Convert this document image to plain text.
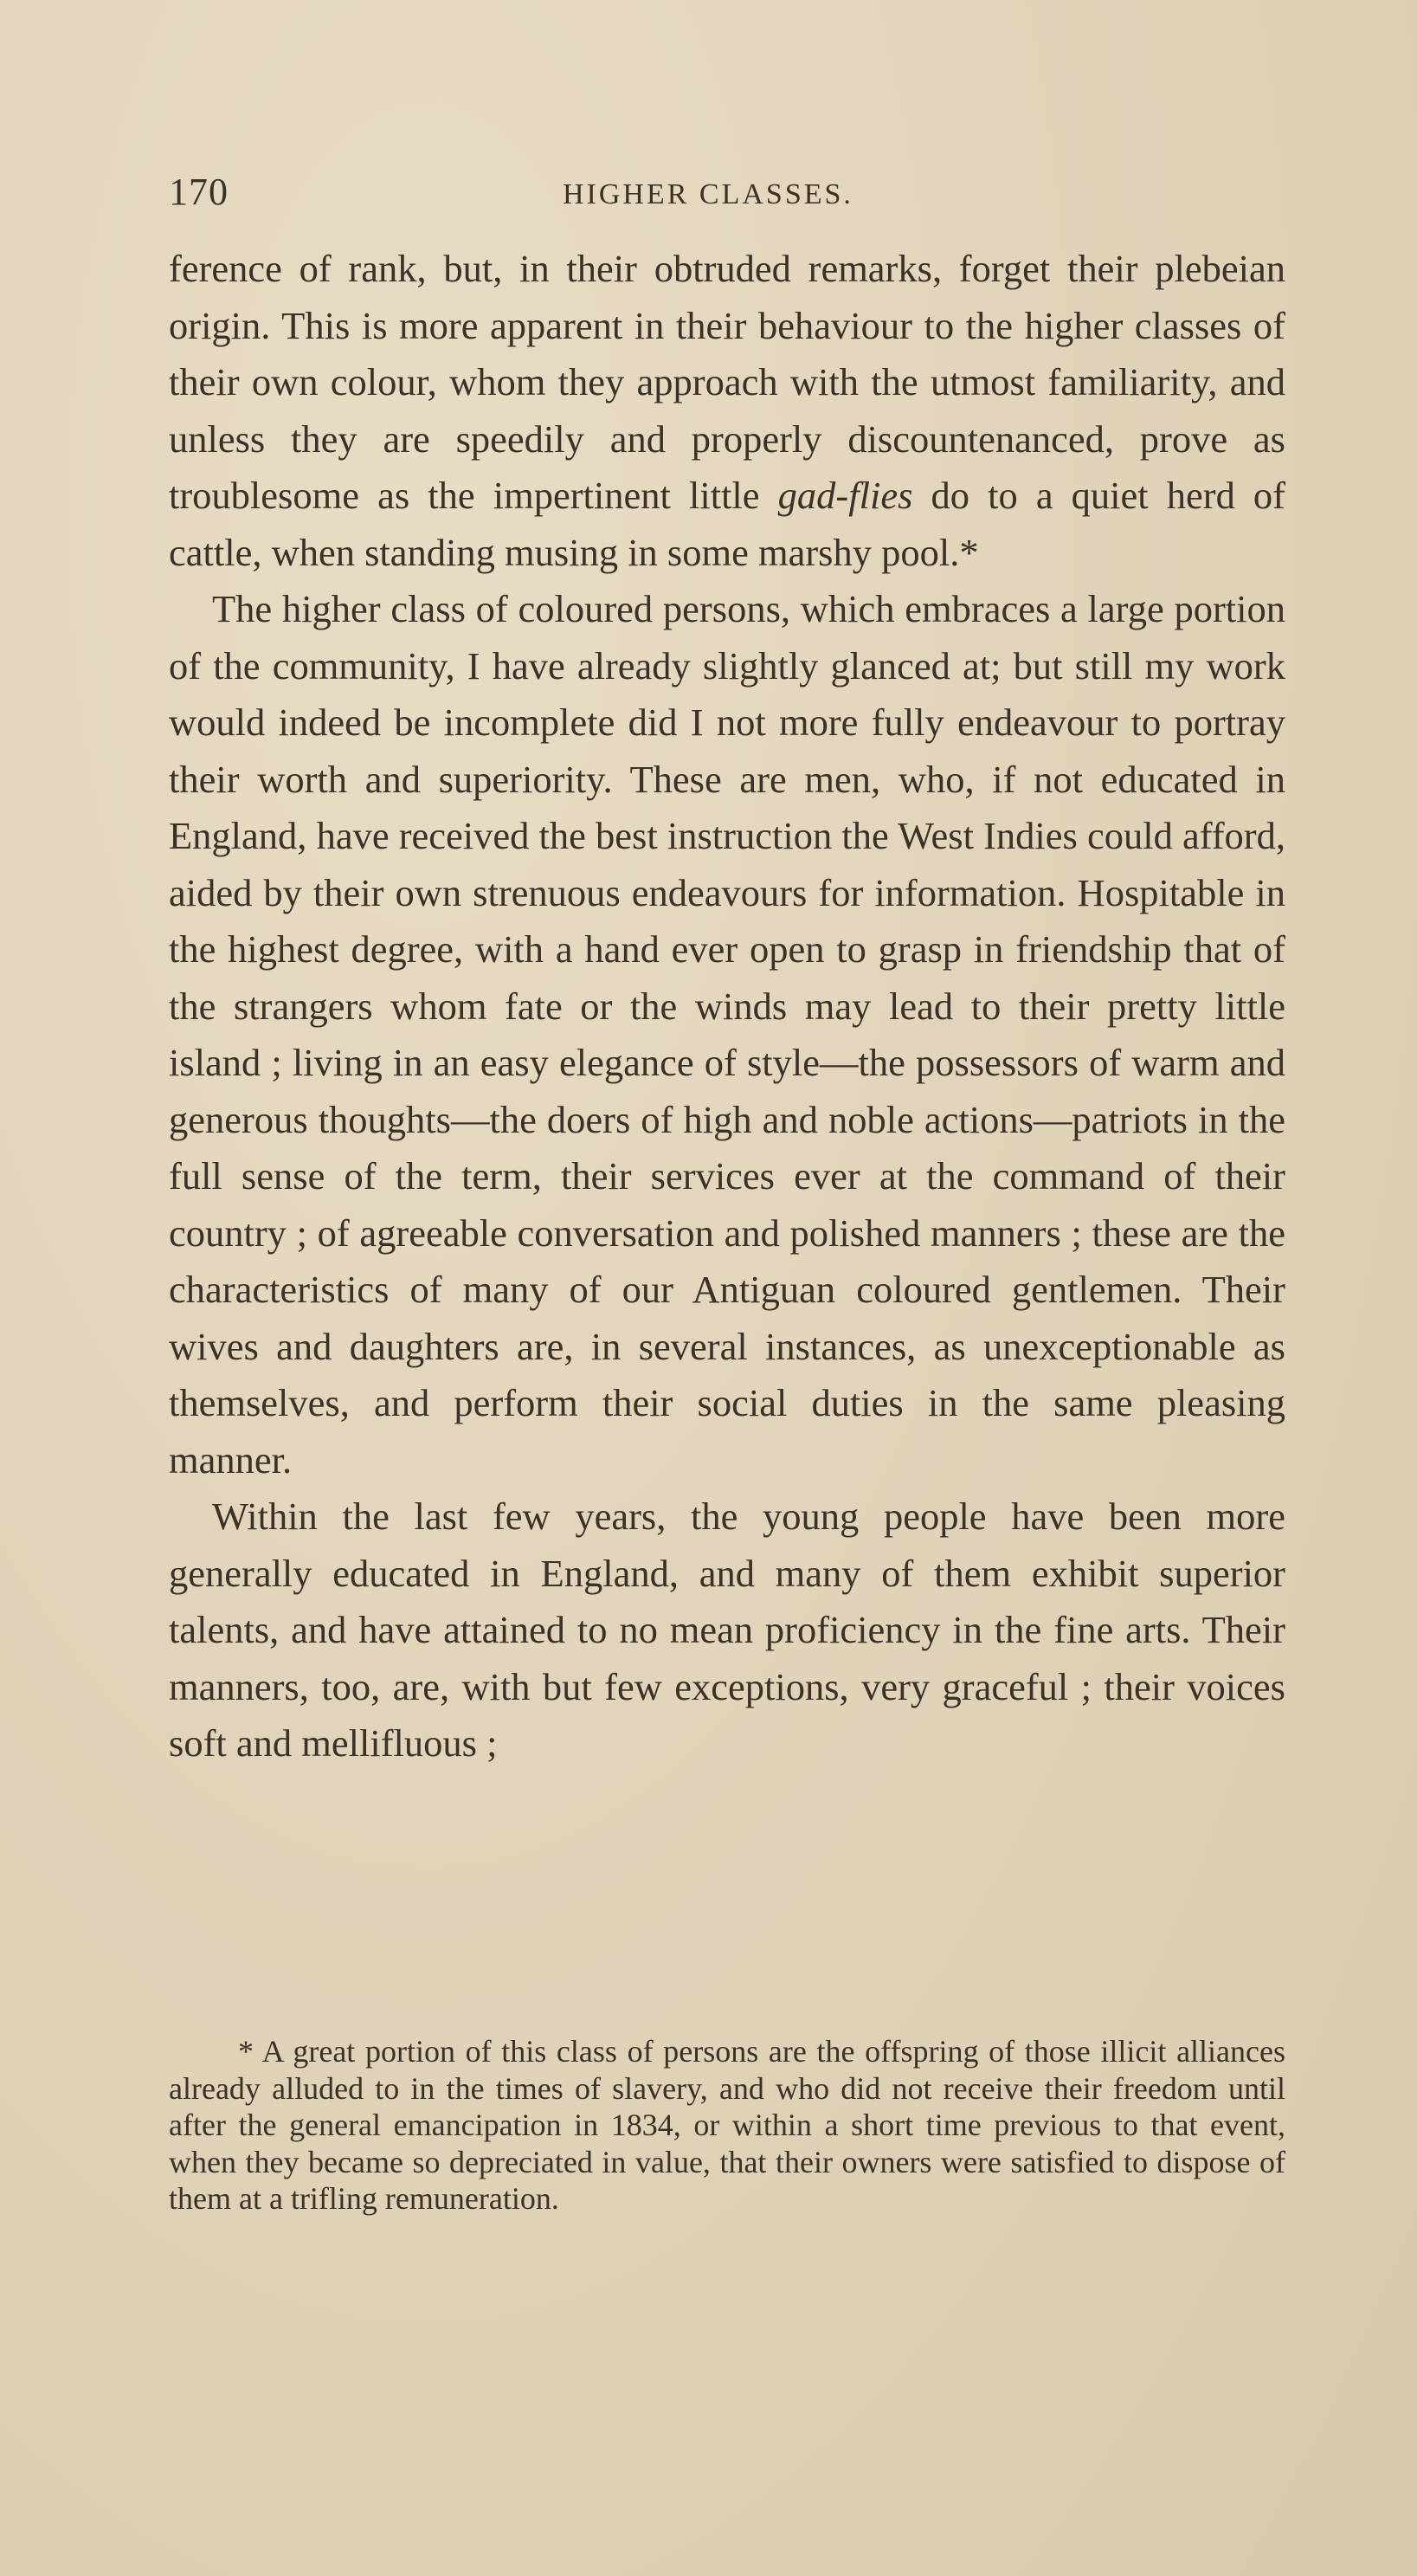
170	HIGHER CLASSES.

ference of rank, but, in their obtruded remarks, forget their plebeian origin. This is more apparent in their behaviour to the higher classes of their own colour, whom they approach with the utmost familiarity, and unless they are speedily and properly discountenanced, prove as troublesome as the impertinent little gad-flies do to a quiet herd of cattle, when standing musing in some marshy pool.*

The higher class of coloured persons, which embraces a large portion of the community, I have already slightly glanced at; but still my work would indeed be incomplete did I not more fully endeavour to portray their worth and superiority. These are men, who, if not educated in England, have received the best instruction the West Indies could afford, aided by their own strenuous endeavours for information. Hospitable in the highest degree, with a hand ever open to grasp in friendship that of the strangers whom fate or the winds may lead to their pretty little island ; living in an easy elegance of style—the possessors of warm and generous thoughts—the doers of high and noble actions—patriots in the full sense of the term, their services ever at the command of their country ; of agreeable conversation and polished manners ; these are the characteristics of many of our Antiguan coloured gentlemen. Their wives and daughters are, in several instances, as unexceptionable as themselves, and perform their social duties in the same pleasing manner.

Within the last few years, the young people have been more generally educated in England, and many of them exhibit superior talents, and have attained to no mean proficiency in the fine arts. Their manners, too, are, with but few exceptions, very graceful ; their voices soft and mellifluous ;

* A great portion of this class of persons are the offspring of those illicit alliances already alluded to in the times of slavery, and who did not receive their freedom until after the general emancipation in 1834, or within a short time previous to that event, when they became so depreciated in value, that their owners were satisfied to dispose of them at a trifling remuneration.
